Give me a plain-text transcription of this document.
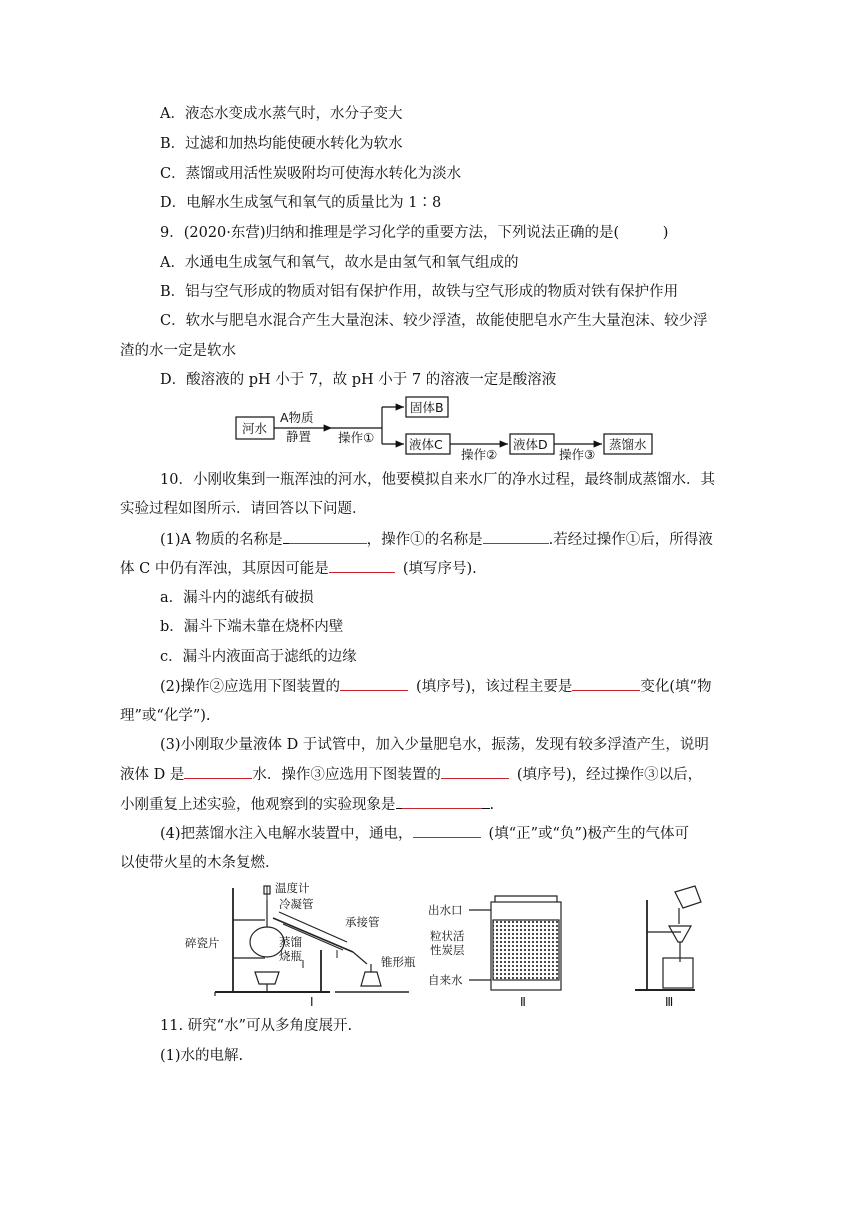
A．液态水变成水蒸气时，水分子变大
B．过滤和加热均能使硬水转化为软水
C．蒸馏或用活性炭吸附均可使海水转化为淡水
D．电解水生成氢气和氧气的质量比为 1∶8
9．(2020·东营)归纳和推理是学习化学的重要方法，下列说法正确的是(　　　)
A．水通电生成氢气和氧气，故水是由氢气和氧气组成的
B．铝与空气形成的物质对铝有保护作用，故铁与空气形成的物质对铁有保护作用
C．软水与肥皂水混合产生大量泡沫、较少浮渣，故能使肥皂水产生大量泡沫、较少浮
渣的水一定是软水
D．酸溶液的 pH 小于 7，故 pH 小于 7 的溶液一定是酸溶液
河水
A物质
静置 操作①
固体B
液体C
操作②
液体D
操作③
蒸馏水
10．小刚收集到一瓶浑浊的河水，他要模拟自来水厂的净水过程，最终制成蒸馏水．其
实验过程如图所示．请回答以下问题．
(1)A 物质的名称是	，操作①的名称是	.若经过操作①后，所得液
体 C 中仍有浑浊，其原因可能是	(填写序号).
a．漏斗内的滤纸有破损
b．漏斗下端未靠在烧杯内壁
c．漏斗内液面高于滤纸的边缘
(2)操作②应选用下图装置的	(填序号)，该过程主要是	变化(填“物
理”或“化学”).
(3)小刚取少量液体 D 于试管中，加入少量肥皂水，振荡，发现有较多浮渣产生，说明
液体 D 是	水．操作③应选用下图装置的	(填序号)，经过操作③以后，
小刚重复上述实验，他观察到的实验现象是	.
(4)把蒸馏水注入电解水装置中，通电，	(填“正”或“负”)极产生的气体可
以使带火星的木条复燃．
温度计
冷凝管
承接管
碎瓷片	蒸馏
烧瓶	锥形瓶
Ⅰ
出水口
粒状活
性炭层
自来水
Ⅱ	Ⅲ
11. 研究“水”可从多角度展开.
(1)水的电解.
